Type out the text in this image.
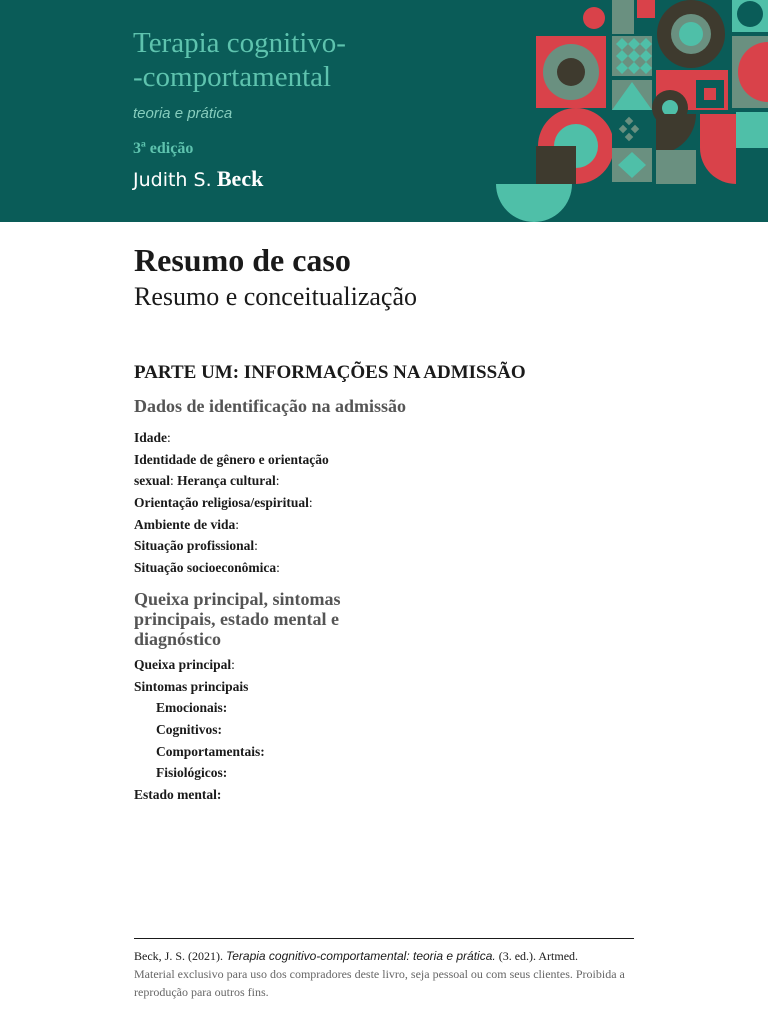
Terapia cognitivo-
-comportamental
teoria e prática
3ª edição
Judith S. Beck
Resumo de caso
Resumo e conceitualização
PARTE UM: INFORMAÇÕES NA ADMISSÃO
Dados de identificação na admissão
Idade:
Identidade de gênero e orientação
sexual: Herança cultural:
Orientação religiosa/espiritual:
Ambiente de vida:
Situação profissional:
Situação socioeconômica:
Queixa principal, sintomas
principais, estado mental e
diagnóstico
Queixa principal:
Sintomas principais
Emocionais:
Cognitivos:
Comportamentais:
Fisiológicos:
Estado mental:
Beck, J. S. (2021). Terapia cognitivo-comportamental: teoria e prática. (3. ed.). Artmed.
Material exclusivo para uso dos compradores deste livro, seja pessoal ou com seus clientes. Proibida a
reprodução para outros fins.
